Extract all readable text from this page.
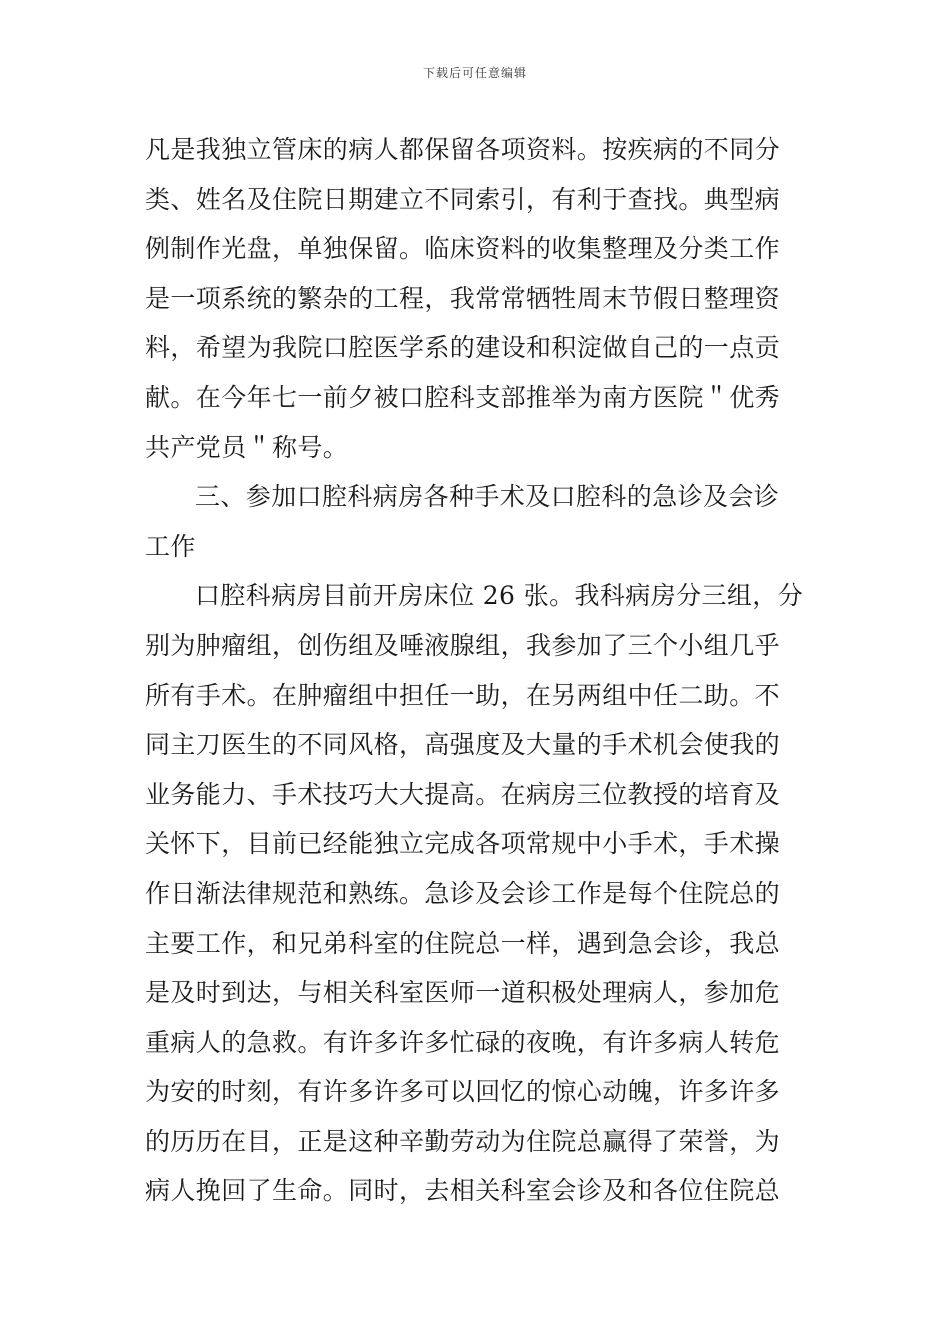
下载后可任意编辑
凡是我独立管床的病人都保留各项资料。按疾病的不同分
类、姓名及住院日期建立不同索引，有利于查找。典型病
例制作光盘，单独保留。临床资料的收集整理及分类工作
是一项系统的繁杂的工程，我常常牺牲周末节假日整理资
料，希望为我院口腔医学系的建设和积淀做自己的一点贡
献。在今年七一前夕被口腔科支部推举为南方医院＂优秀
共产党员＂称号。
三、参加口腔科病房各种手术及口腔科的急诊及会诊
工作
口腔科病房目前开房床位 26 张。我科病房分三组，分
别为肿瘤组，创伤组及唾液腺组，我参加了三个小组几乎
所有手术。在肿瘤组中担任一助，在另两组中任二助。不
同主刀医生的不同风格，高强度及大量的手术机会使我的
业务能力、手术技巧大大提高。在病房三位教授的培育及
关怀下，目前已经能独立完成各项常规中小手术，手术操
作日渐法律规范和熟练。急诊及会诊工作是每个住院总的
主要工作，和兄弟科室的住院总一样，遇到急会诊，我总
是及时到达，与相关科室医师一道积极处理病人，参加危
重病人的急救。有许多许多忙碌的夜晚，有许多病人转危
为安的时刻，有许多许多可以回忆的惊心动魄，许多许多
的历历在目，正是这种辛勤劳动为住院总赢得了荣誉，为
病人挽回了生命。同时，去相关科室会诊及和各位住院总
